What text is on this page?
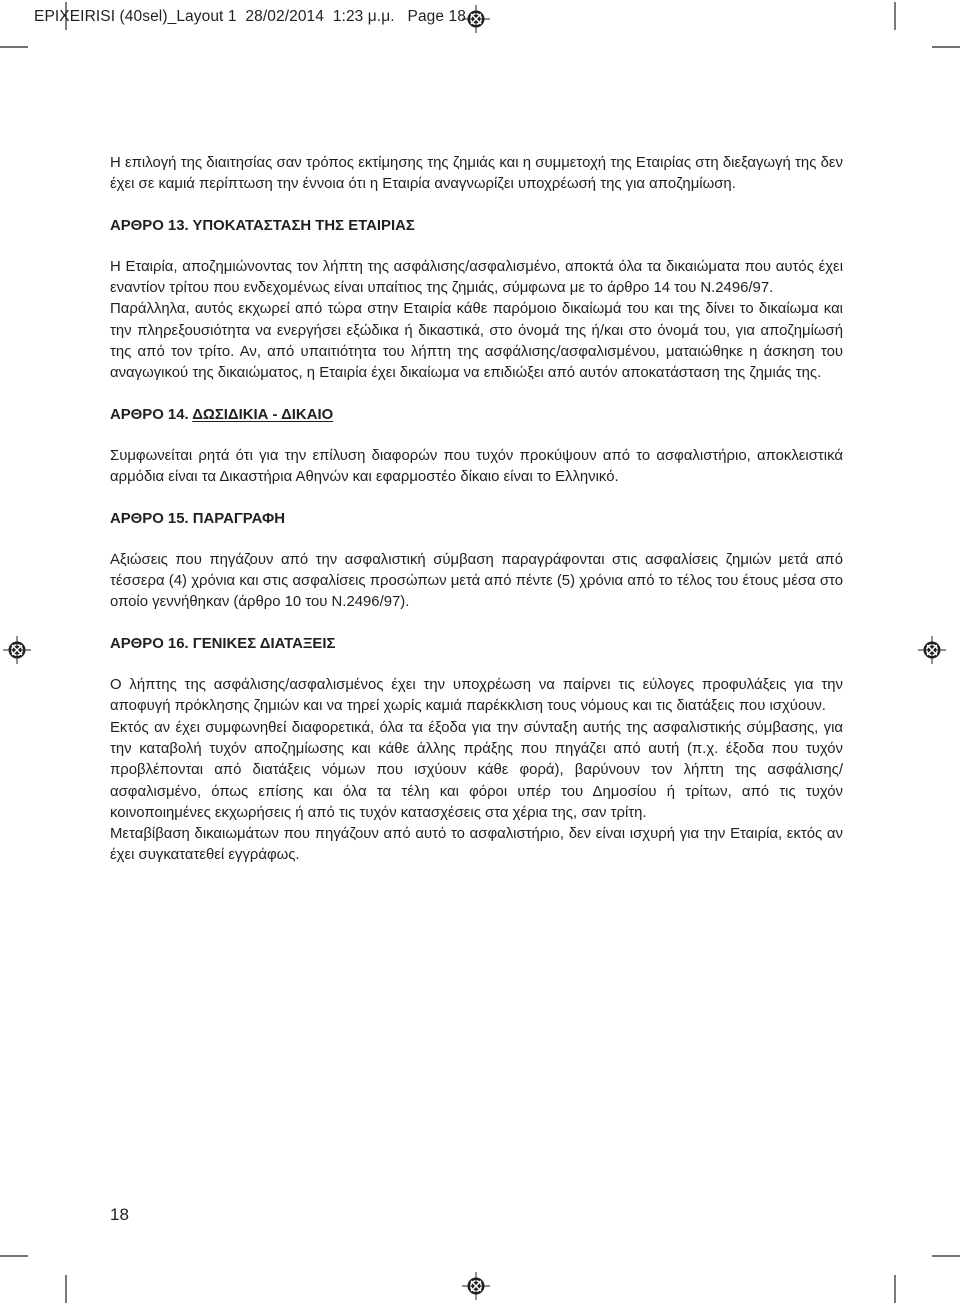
EPIXEIRISI (40sel)_Layout 1 28/02/2014 1:23 μ.μ. Page 18

Η επιλογή της διαιτησίας σαν τρόπος εκτίμησης της ζημιάς και η συμμετοχή της Εταιρίας στη διεξαγωγή της δεν έχει σε καμιά περίπτωση την έννοια ότι η Εταιρία αναγνωρίζει υποχρέωσή της για αποζημίωση.

ΑΡΘΡΟ 13. ΥΠΟΚΑΤΑΣΤΑΣΗ ΤΗΣ ΕΤΑΙΡΙΑΣ

Η Εταιρία, αποζημιώνοντας τον λήπτη της ασφάλισης/ασφαλισμένο, αποκτά όλα τα δικαιώματα που αυτός έχει εναντίον τρίτου που ενδεχομένως είναι υπαίτιος της ζημιάς, σύμφωνα με το άρθρο 14 του Ν.2496/97.

Παράλληλα, αυτός εκχωρεί από τώρα στην Εταιρία κάθε παρόμοιο δικαίωμά του και της δίνει το δικαίωμα και την πληρεξουσιότητα να ενεργήσει εξώδικα ή δικαστικά, στο όνομά της ή/και στο όνομά του, για αποζημίωσή της από τον τρίτο. Αν, από υπαιτιότητα του λήπτη της ασφάλισης/ασφαλισμένου, ματαιώθηκε η άσκηση του αναγωγικού της δικαιώματος, η Εταιρία έχει δικαίωμα να επιδιώξει από αυτόν αποκατάσταση της ζημιάς της.

ΑΡΘΡΟ 14. ΔΩΣΙΔΙΚΙΑ - ΔΙΚΑΙΟ

Συμφωνείται ρητά ότι για την επίλυση διαφορών που τυχόν προκύψουν από το ασφαλιστήριο, αποκλειστικά αρμόδια είναι τα Δικαστήρια Αθηνών και εφαρμοστέο δίκαιο είναι το Ελληνικό.

ΑΡΘΡΟ 15. ΠΑΡΑΓΡΑΦΗ

Αξιώσεις που πηγάζουν από την ασφαλιστική σύμβαση παραγράφονται στις ασφαλίσεις ζημιών μετά από τέσσερα (4) χρόνια και στις ασφαλίσεις προσώπων μετά από πέντε (5) χρόνια από το τέλος του έτους μέσα στο οποίο γεννήθηκαν (άρθρο 10 του Ν.2496/97).

ΑΡΘΡΟ 16. ΓΕΝΙΚΕΣ ΔΙΑΤΑΞΕΙΣ

Ο λήπτης της ασφάλισης/ασφαλισμένος έχει την υποχρέωση να παίρνει τις εύλογες προφυλάξεις για την αποφυγή πρόκλησης ζημιών και να τηρεί χωρίς καμιά παρέκκλιση τους νόμους και τις διατάξεις που ισχύουν.

Εκτός αν έχει συμφωνηθεί διαφορετικά, όλα τα έξοδα για την σύνταξη αυτής της ασφαλιστικής σύμβασης, για την καταβολή τυχόν αποζημίωσης και κάθε άλλης πράξης που πηγάζει από αυτή (π.χ. έξοδα που τυχόν προβλέπονται από διατάξεις νόμων που ισχύουν κάθε φορά), βαρύνουν τον λήπτη της ασφάλισης/ασφαλισμένο, όπως επίσης και όλα τα τέλη και φόροι υπέρ του Δημοσίου ή τρίτων, από τις τυχόν κοινοποιημένες εκχωρήσεις ή από τις τυχόν κατασχέσεις στα χέρια της, σαν τρίτη.

Μεταβίβαση δικαιωμάτων που πηγάζουν από αυτό το ασφαλιστήριο, δεν είναι ισχυρή για την Εταιρία, εκτός αν έχει συγκατατεθεί εγγράφως.

18
